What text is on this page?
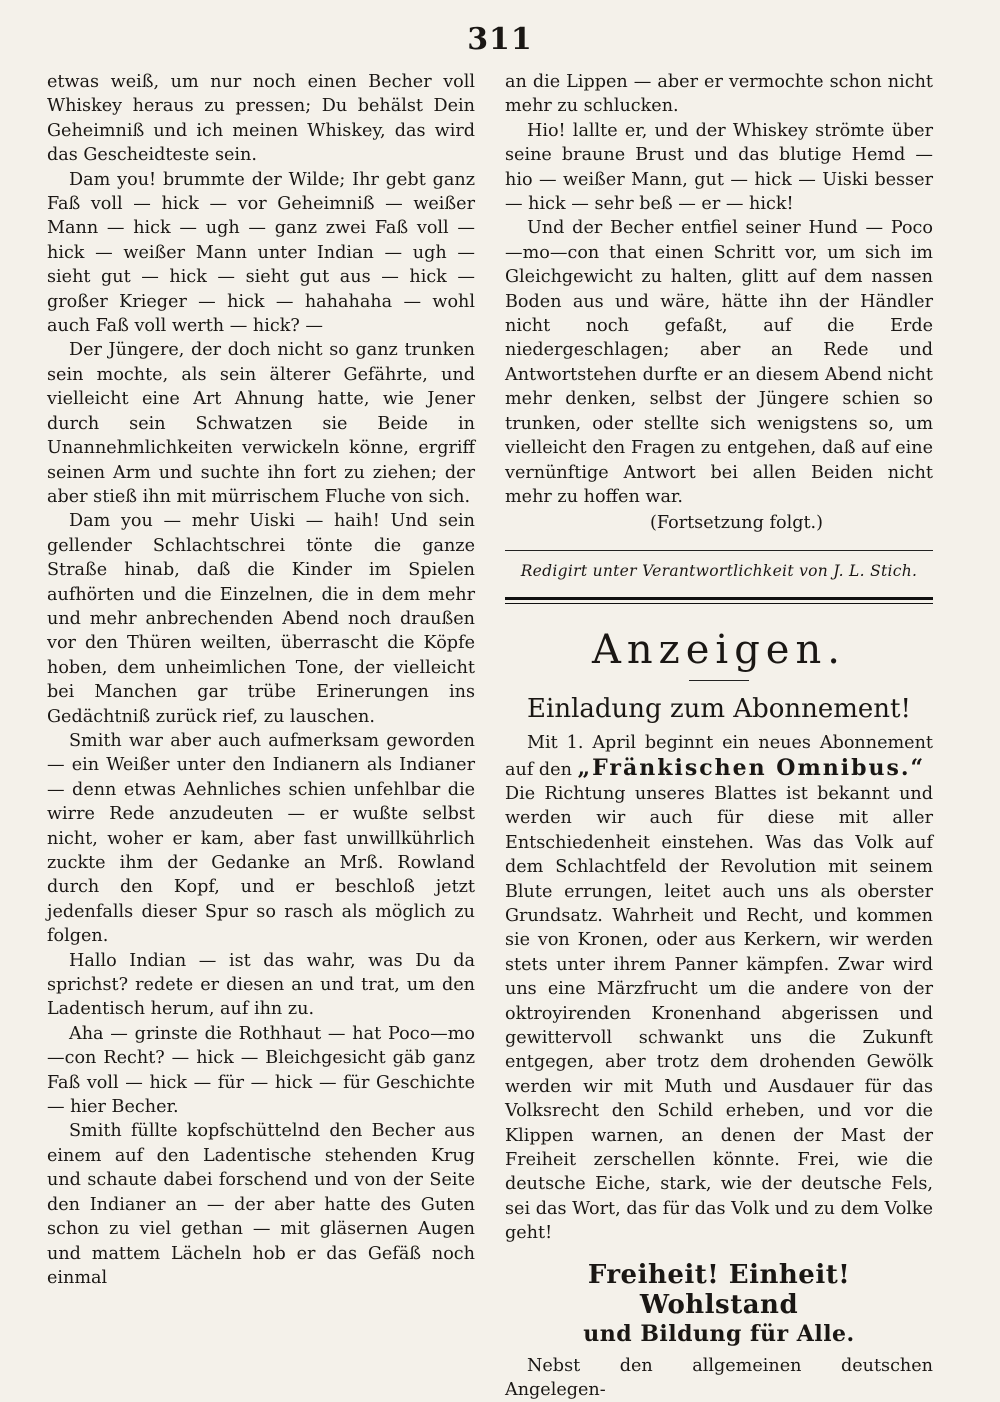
311

etwas weiß, um nur noch einen Becher voll Whiskey heraus zu pressen; Du behälst Dein Geheimniß und ich meinen Whiskey, das wird das Gescheidteste sein.

Dam you! brummte der Wilde; Ihr gebt ganz Faß voll — hick — vor Geheimniß — weißer Mann — hick — ugh — ganz zwei Faß voll — hick — weißer Mann unter Indian — ugh — sieht gut — hick — sieht gut aus — hick — großer Krieger — hick — hahahaha — wohl auch Faß voll werth — hick? —

Der Jüngere, der doch nicht so ganz trunken sein mochte, als sein älterer Gefährte, und vielleicht eine Art Ahnung hatte, wie Jener durch sein Schwatzen sie Beide in Unannehmlichkeiten verwickeln könne, ergriff seinen Arm und suchte ihn fort zu ziehen; der aber stieß ihn mit mürrischem Fluche von sich.

Dam you — mehr Uiski — haih! Und sein gellender Schlachtschrei tönte die ganze Straße hinab, daß die Kinder im Spielen aufhörten und die Einzelnen, die in dem mehr und mehr anbrechenden Abend noch draußen vor den Thüren weilten, überrascht die Köpfe hoben, dem unheimlichen Tone, der vielleicht bei Manchen gar trübe Erinerungen ins Gedächtniß zurück rief, zu lauschen.

Smith war aber auch aufmerksam geworden — ein Weißer unter den Indianern als Indianer — denn etwas Aehnliches schien unfehlbar die wirre Rede anzudeuten — er wußte selbst nicht, woher er kam, aber fast unwillkührlich zuckte ihm der Gedanke an Mrß. Rowland durch den Kopf, und er beschloß jetzt jedenfalls dieser Spur so rasch als möglich zu folgen.

Hallo Indian — ist das wahr, was Du da sprichst? redete er diesen an und trat, um den Ladentisch herum, auf ihn zu.

Aha — grinste die Rothhaut — hat Poco—mo—con Recht? — hick — Bleichgesicht gäb ganz Faß voll — hick — für — hick — für Geschichte — hier Becher.

Smith füllte kopfschüttelnd den Becher aus einem auf den Ladentische stehenden Krug und schaute dabei forschend und von der Seite den Indianer an — der aber hatte des Guten schon zu viel gethan — mit gläsernen Augen und mattem Lächeln hob er das Gefäß noch einmal

an die Lippen — aber er vermochte schon nicht mehr zu schlucken.

Hio! lallte er, und der Whiskey strömte über seine braune Brust und das blutige Hemd — hio — weißer Mann, gut — hick — Uiski besser — hick — sehr beß — er — hick!

Und der Becher entfiel seiner Hund — Poco—mo—con that einen Schritt vor, um sich im Gleichgewicht zu halten, glitt auf dem nassen Boden aus und wäre, hätte ihn der Händler nicht noch gefaßt, auf die Erde niedergeschlagen; aber an Rede und Antwortstehen durfte er an diesem Abend nicht mehr denken, selbst der Jüngere schien so trunken, oder stellte sich wenigstens so, um vielleicht den Fragen zu entgehen, daß auf eine vernünftige Antwort bei allen Beiden nicht mehr zu hoffen war.

(Fortsetzung folgt.)

Redigirt unter Verantwortlichkeit von J. L. Stich.

Anzeigen.
Einladung zum Abonnement!

Mit 1. April beginnt ein neues Abonnement auf den „Fränkischen Omnibus.“

Die Richtung unseres Blattes ist bekannt und werden wir auch für diese mit aller Entschiedenheit einstehen. Was das Volk auf dem Schlachtfeld der Revolution mit seinem Blute errungen, leitet auch uns als oberster Grundsatz. Wahrheit und Recht, und kommen sie von Kronen, oder aus Kerkern, wir werden stets unter ihrem Panner kämpfen. Zwar wird uns eine Märzfrucht um die andere von der oktroyirenden Kronenhand abgerissen und gewittervoll schwankt uns die Zukunft entgegen, aber trotz dem drohenden Gewölk werden wir mit Muth und Ausdauer für das Volksrecht den Schild erheben, und vor die Klippen warnen, an denen der Mast der Freiheit zerschellen könnte. Frei, wie die deutsche Eiche, stark, wie der deutsche Fels, sei das Wort, das für das Volk und zu dem Volke geht!

Freiheit! Einheit! Wohlstand
und Bildung für Alle.

Nebst den allgemeinen deutschen Angelegen-
